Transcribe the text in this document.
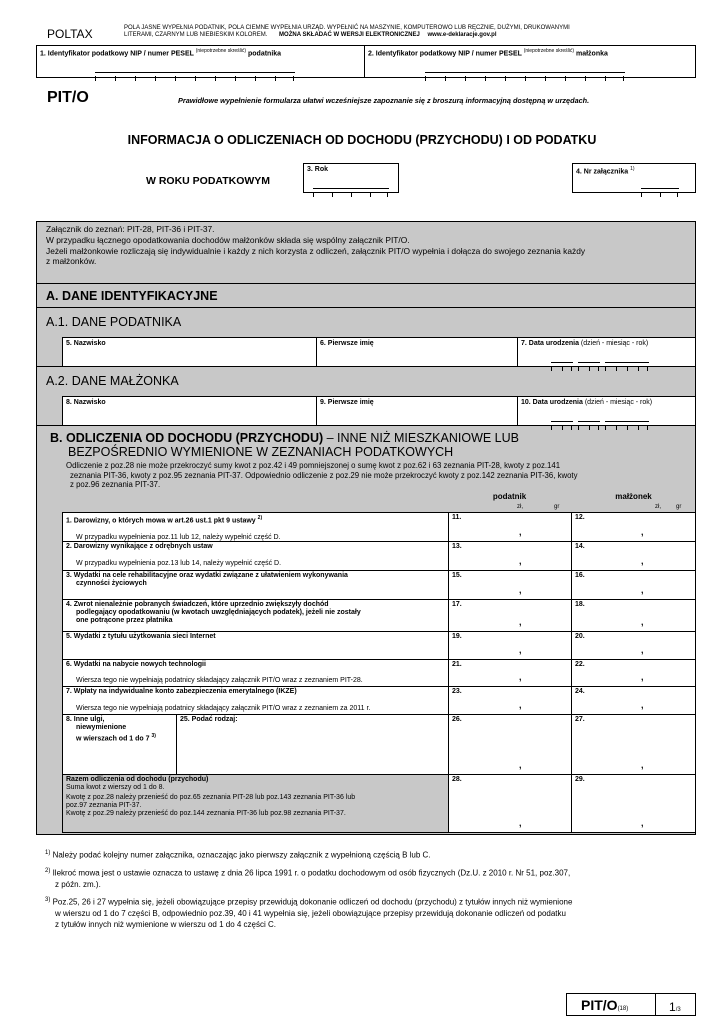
POLTAX	POLA JASNE WYPEŁNIA PODATNIK, POLA CIEMNE WYPEŁNIA URZĄD. WYPEŁNIĆ NA MASZYNIE, KOMPUTEROWO LUB RĘCZNIE, DUŻYMI, DRUKOWANYMI
LITERAMI, CZARNYM LUB NIEBIESKIM KOLOREM. MOŻNA SKŁADAĆ W WERSJI ELEKTRONICZNEJ www.e-deklaracje.gov.pl
1. Identyfikator podatkowy NIP / numer PESEL $^{(niepotrzebne skreślić)}$ podatnika	2. Identyfikator podatkowy NIP / numer PESEL $^{(niepotrzebne skreślić)}$ małżonka
PIT/O	Prawidłowe wypełnienie formularza ułatwi wcześniejsze zapoznanie się z broszurą informacyjną dostępną w urzędach.
INFORMACJA O ODLICZENIACH OD DOCHODU (PRZYCHODU) I OD PODATKU
W ROKU PODATKOWYM
3. Rok	4. Nr załącznika $^{1)}$
Załącznik do zeznań: PIT-28, PIT-36 i PIT-37.
W przypadku łącznego opodatkowania dochodów małżonków składa się wspólny załącznik PIT/O.
Jeżeli małżonkowie rozliczają się indywidualnie i każdy z nich korzysta z odliczeń, załącznik PIT/O wypełnia i dołącza do swojego zeznania każdy
z małżonków.
A. DANE IDENTYFIKACYJNE
A.1. DANE PODATNIKA
5. Nazwisko	6. Pierwsze imię	7. Data urodzenia (dzień - miesiąc - rok)
A.2. DANE MAŁŻONKA
8. Nazwisko	9. Pierwsze imię	10. Data urodzenia (dzień - miesiąc - rok)
B. ODLICZENIA OD DOCHODU (PRZYCHODU) – INNE NIŻ MIESZKANIOWE LUB
BEZPOŚREDNIO WYMIENIONE W ZEZNANIACH PODATKOWYCH
Odliczenie z poz.28 nie może przekroczyć sumy kwot z poz.42 i 49 pomniejszonej o sumę kwot z poz.62 i 63 zeznania PIT-28, kwoty z poz.141
zeznania PIT-36, kwoty z poz.95 zeznania PIT-37. Odpowiednio odliczenie z poz.29 nie może przekroczyć kwoty z poz.142 zeznania PIT-36, kwoty
z poz.96 zeznania PIT-37.
podatnik	małżonek
zł,	gr	zł,	gr
1. Darowizny, o których mowa w art.26 ust.1 pkt 9 ustawy $^{2)}$
W przypadku wypełnienia poz.11 lub 12, należy wypełnić część D.
11.	12.
,	,
2. Darowizny wynikające z odrębnych ustaw
W przypadku wypełnienia poz.13 lub 14, należy wypełnić część D.
13.	14.
,	,
3. Wydatki na cele rehabilitacyjne oraz wydatki związane z ułatwieniem wykonywania
czynności życiowych
15.	16.
,	,
4. Zwrot nienależnie pobranych świadczeń, które uprzednio zwiększyły dochód
podlegający opodatkowaniu (w kwotach uwzględniających podatek), jeżeli nie zostały
one potrącone przez płatnika
17.	18.
,	,
5. Wydatki z tytułu użytkowania sieci Internet	19.	20.
,	,
6. Wydatki na nabycie nowych technologii
Wiersza tego nie wypełniają podatnicy składający załącznik PIT/O wraz z zeznaniem PIT-28.
21.	22.
,	,
7. Wpłaty na indywidualne konto zabezpieczenia emerytalnego (IKZE)
Wiersza tego nie wypełniają podatnicy składający załącznik PIT/O wraz z zeznaniem za 2011 r.
23.	24.
,	,
8. Inne ulgi,
niewymienione
w wierszach od 1 do 7 $^{3)}$
25. Podać rodzaj:	26.	27.
,	,
Razem odliczenia od dochodu (przychodu)
Suma kwot z wierszy od 1 do 8.
Kwotę z poz.28 należy przenieść do poz.65 zeznania PIT-28 lub poz.143 zeznania PIT-36 lub
poz.97 zeznania PIT-37.
Kwotę z poz.29 należy przenieść do poz.144 zeznania PIT-36 lub poz.98 zeznania PIT-37.
28.	29.
,	,
$^{1)}$ Należy podać kolejny numer załącznika, oznaczając jako pierwszy załącznik z wypełnioną częścią B lub C.
$^{2)}$ Ilekroć mowa jest o ustawie oznacza to ustawę z dnia 26 lipca 1991 r. o podatku dochodowym od osób fizycznych (Dz.U. z 2010 r. Nr 51, poz.307,
z późn. zm.).
$^{3)}$ Poz.25, 26 i 27 wypełnia się, jeżeli obowiązujące przepisy przewidują dokonanie odliczeń od dochodu (przychodu) z tytułów innych niż wymienione
w wierszu od 1 do 7 części B, odpowiednio poz.39, 40 i 41 wypełnia się, jeżeli obowiązujące przepisy przewidują dokonanie odliczeń od podatku
z tytułów innych niż wymienione w wierszu od 1 do 4 części C.
PIT/O(18)	1/3
